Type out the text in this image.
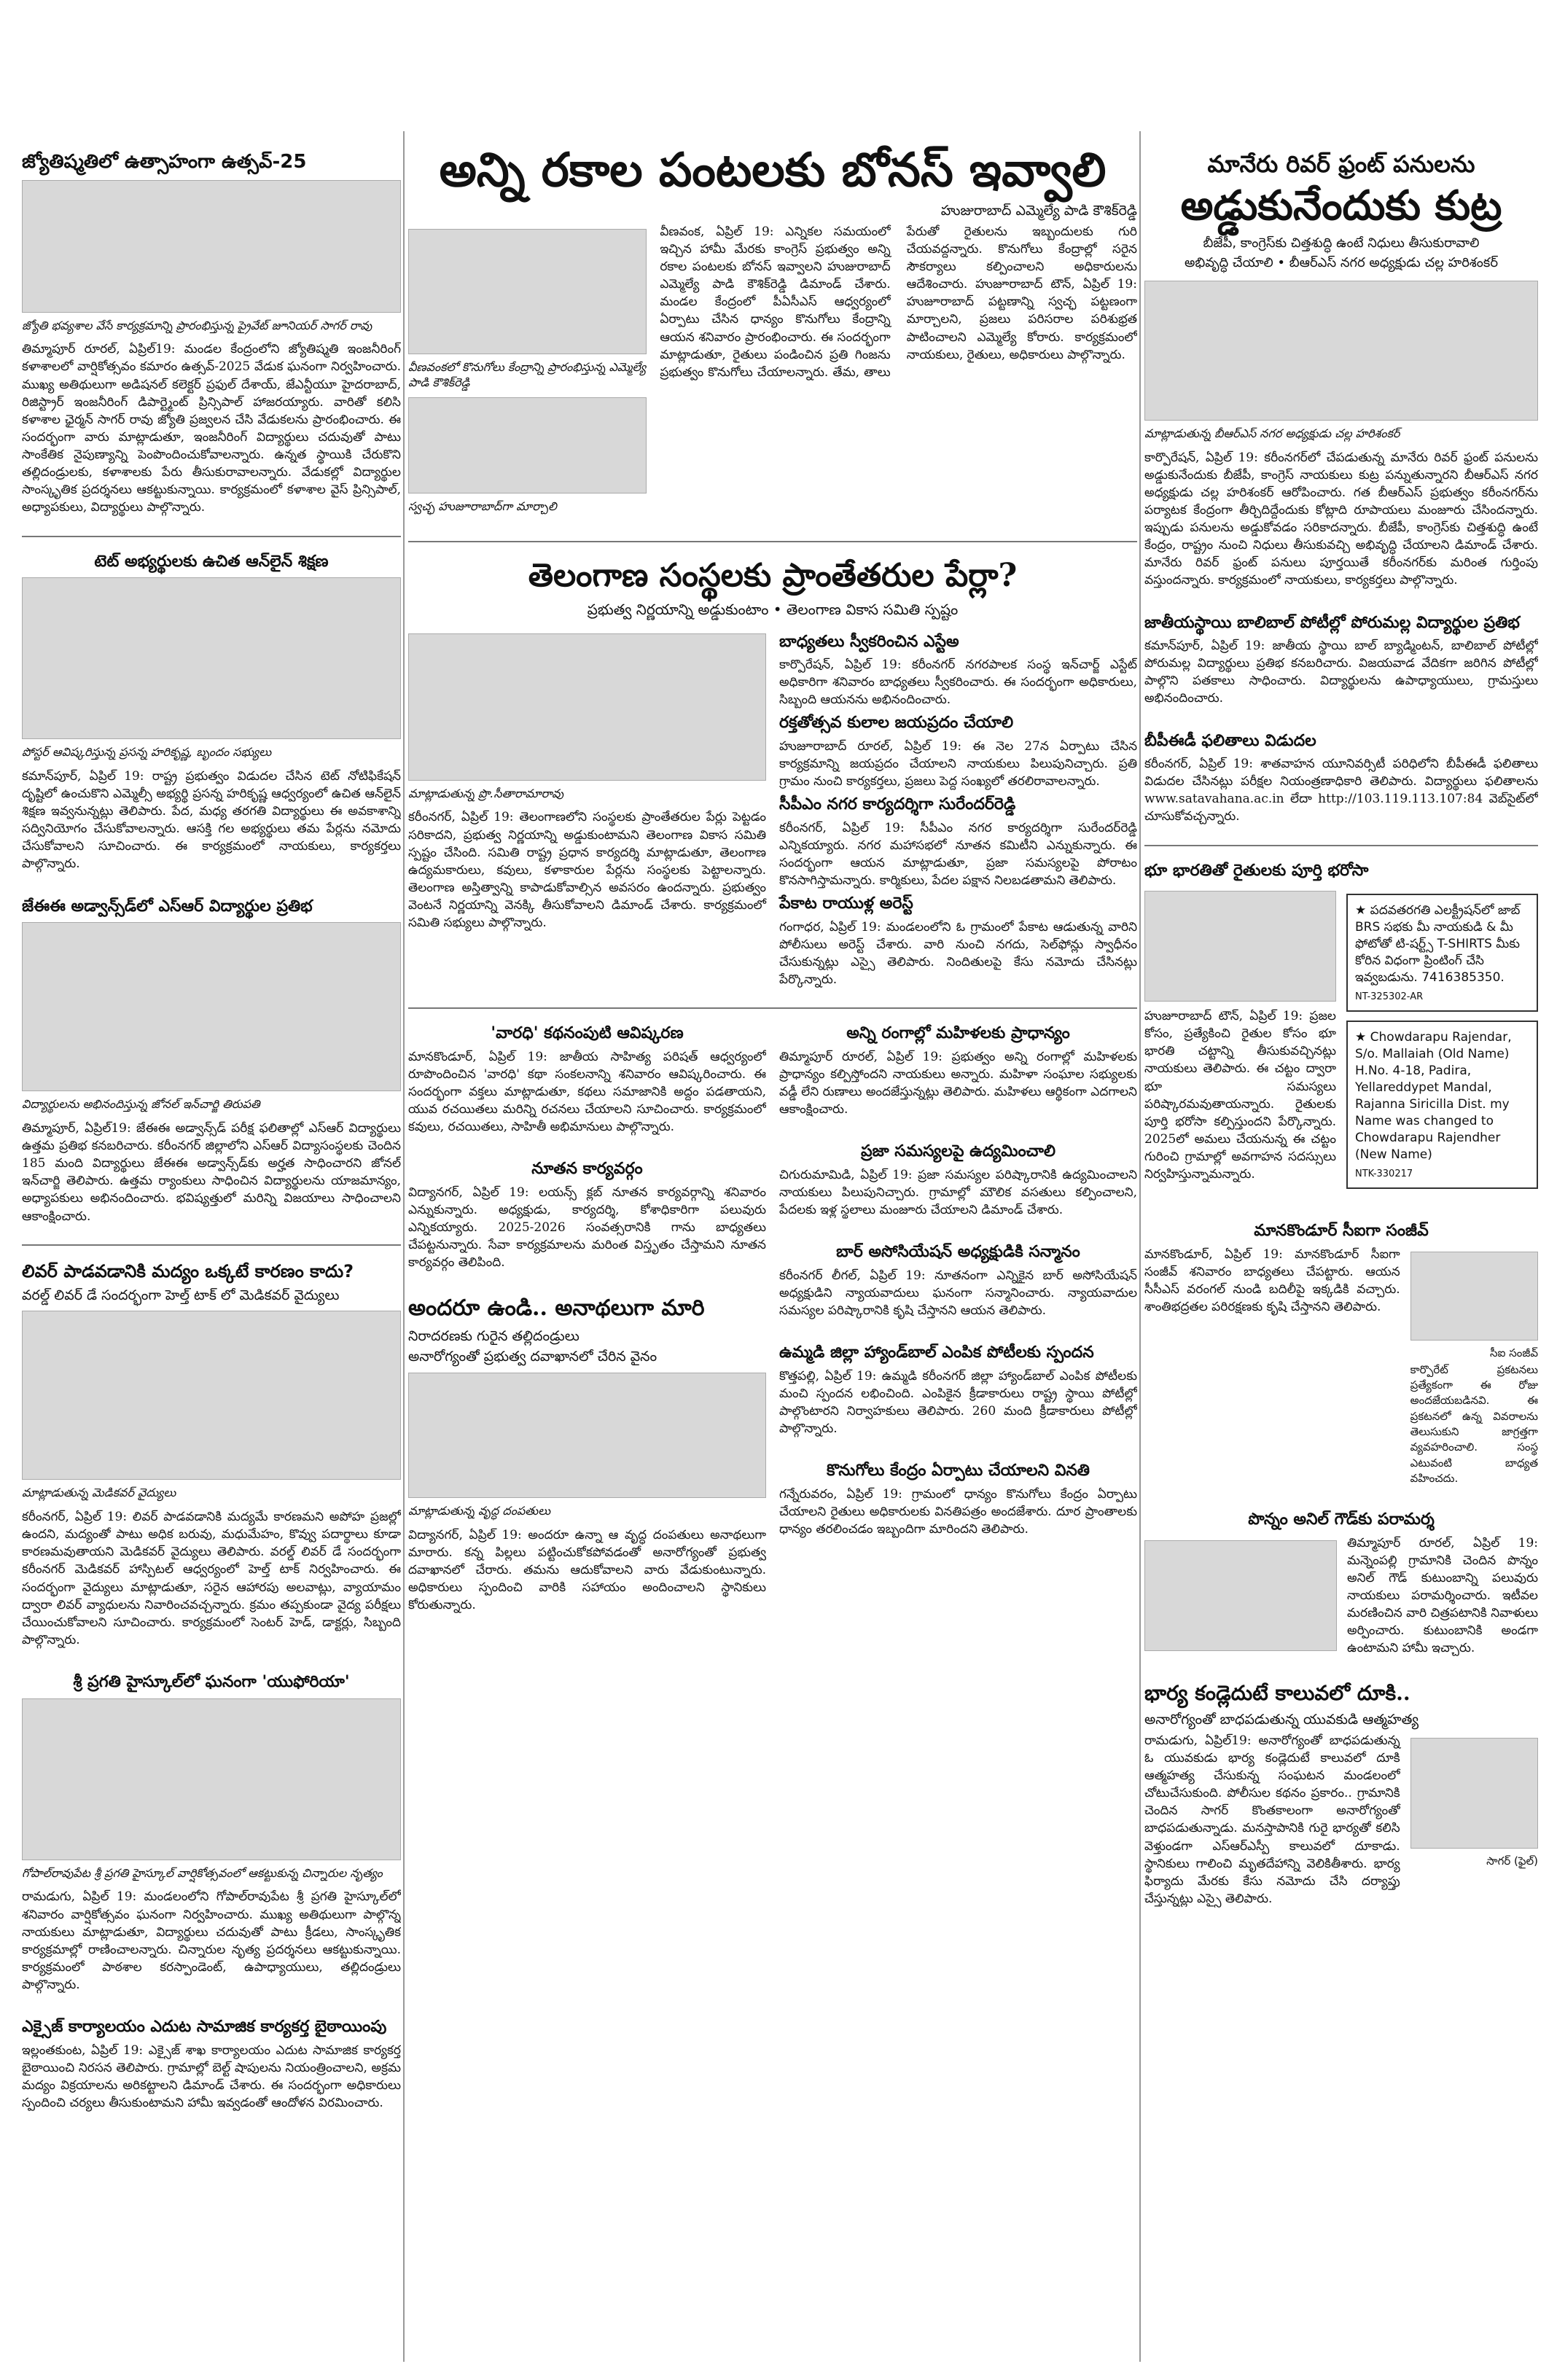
జ్యోతిష్మతిలో ఉత్సాహంగా ఉత్సవ్-25
జ్యోతి భవ్యశాల వేసే కార్యక్రమాన్ని ప్రారంభిస్తున్న ప్రైవేట్ జూనియర్ సాగర్ రావు

తిమ్మాపూర్ రూరల్, ఏప్రిల్19: మండల కేంద్రంలోని జ్యోతిష్మతి ఇంజనీరింగ్ కళాశాలలో వార్షికోత్సవం కమారం ఉత్సవ్-2025 వేడుక ఘనంగా నిర్వహించారు. ముఖ్య అతిథులుగా అడిషనల్ కలెక్టర్ ప్రఫుల్ దేశాయ్, జేఎన్టీయూ హైదరాబాద్, రిజిస్ట్రార్ ఇంజనీరింగ్ డిపార్ట్మెంట్ ప్రిన్సిపాల్ హాజరయ్యారు. వారితో కలిసి కళాశాల ఛైర్మన్ సాగర్ రావు జ్యోతి ప్రజ్వలన చేసి వేడుకలను ప్రారంభించారు. ఈ సందర్భంగా వారు మాట్లాడుతూ, ఇంజనీరింగ్ విద్యార్థులు చదువుతో పాటు సాంకేతిక నైపుణ్యాన్ని పెంపొందించుకోవాలన్నారు. ఉన్నత స్థాయికి చేరుకొని తల్లిదండ్రులకు, కళాశాలకు పేరు తీసుకురావాలన్నారు. వేడుకల్లో విద్యార్థుల సాంస్కృతిక ప్రదర్శనలు ఆకట్టుకున్నాయి. కార్యక్రమంలో కళాశాల వైస్ ప్రిన్సిపాల్, అధ్యాపకులు, విద్యార్థులు పాల్గొన్నారు.

టెట్ అభ్యర్థులకు ఉచిత ఆన్‌లైన్ శిక్షణ
పోస్టర్ ఆవిష్కరిస్తున్న ప్రసన్న హరికృష్ణ, బృందం సభ్యులు

కమాన్‌పూర్, ఏప్రిల్ 19: రాష్ట్ర ప్రభుత్వం విడుదల చేసిన టెట్ నోటిఫికేషన్ దృష్టిలో ఉంచుకొని ఎమ్మెల్సీ అభ్యర్థి ప్రసన్న హరికృష్ణ ఆధ్వర్యంలో ఉచిత ఆన్‌లైన్ శిక్షణ ఇవ్వనున్నట్లు తెలిపారు. పేద, మధ్య తరగతి విద్యార్థులు ఈ అవకాశాన్ని సద్వినియోగం చేసుకోవాలన్నారు. ఆసక్తి గల అభ్యర్థులు తమ పేర్లను నమోదు చేసుకోవాలని సూచించారు. ఈ కార్యక్రమంలో నాయకులు, కార్యకర్తలు పాల్గొన్నారు.

జేఈఈ అడ్వాన్స్‌డ్‌లో ఎస్ఆర్ విద్యార్థుల ప్రతిభ
విద్యార్థులను అభినందిస్తున్న జోనల్ ఇన్‌చార్జి తిరుపతి

తిమ్మాపూర్, ఏప్రిల్19: జేఈఈ అడ్వాన్స్‌డ్ పరీక్ష ఫలితాల్లో ఎస్ఆర్ విద్యార్థులు ఉత్తమ ప్రతిభ కనబరిచారు. కరీంనగర్ జిల్లాలోని ఎస్ఆర్ విద్యాసంస్థలకు చెందిన 185 మంది విద్యార్థులు జేఈఈ అడ్వాన్స్‌డ్‌కు అర్హత సాధించారని జోనల్ ఇన్‌చార్జి తెలిపారు. ఉత్తమ ర్యాంకులు సాధించిన విద్యార్థులను యాజమాన్యం, అధ్యాపకులు అభినందించారు. భవిష్యత్తులో మరిన్ని విజయాలు సాధించాలని ఆకాంక్షించారు.

లివర్ పాడవడానికి మద్యం ఒక్కటే కారణం కాదు?
వరల్డ్ లివర్ డే సందర్భంగా హెల్త్ టాక్ లో మెడికవర్ వైద్యులు
మాట్లాడుతున్న మెడికవర్ వైద్యులు

కరీంనగర్, ఏప్రిల్ 19: లివర్ పాడవడానికి మద్యమే కారణమని అపోహ ప్రజల్లో ఉందని, మద్యంతో పాటు అధిక బరువు, మధుమేహం, కొవ్వు పదార్థాలు కూడా కారణమవుతాయని మెడికవర్ వైద్యులు తెలిపారు. వరల్డ్ లివర్ డే సందర్భంగా కరీంనగర్ మెడికవర్ హాస్పిటల్ ఆధ్వర్యంలో హెల్త్ టాక్ నిర్వహించారు. ఈ సందర్భంగా వైద్యులు మాట్లాడుతూ, సరైన ఆహారపు అలవాట్లు, వ్యాయామం ద్వారా లివర్ వ్యాధులను నివారించవచ్చన్నారు. క్రమం తప్పకుండా వైద్య పరీక్షలు చేయించుకోవాలని సూచించారు. కార్యక్రమంలో సెంటర్ హెడ్, డాక్టర్లు, సిబ్బంది పాల్గొన్నారు.

శ్రీ ప్రగతి హైస్కూల్‌లో ఘనంగా 'యుఫోరియా'
గోపాల్‌రావుపేట శ్రీ ప్రగతి హైస్కూల్ వార్షికోత్సవంలో ఆకట్టుకున్న చిన్నారుల నృత్యం

రామడుగు, ఏప్రిల్ 19: మండలంలోని గోపాల్‌రావుపేట శ్రీ ప్రగతి హైస్కూల్‌లో శనివారం వార్షికోత్సవం ఘనంగా నిర్వహించారు. ముఖ్య అతిథులుగా పాల్గొన్న నాయకులు మాట్లాడుతూ, విద్యార్థులు చదువుతో పాటు క్రీడలు, సాంస్కృతిక కార్యక్రమాల్లో రాణించాలన్నారు. చిన్నారుల నృత్య ప్రదర్శనలు ఆకట్టుకున్నాయి. కార్యక్రమంలో పాఠశాల కరస్పాండెంట్, ఉపాధ్యాయులు, తల్లిదండ్రులు పాల్గొన్నారు.

ఎక్సైజ్ కార్యాలయం ఎదుట సామాజిక కార్యకర్త బైఠాయింపు

ఇల్లంతకుంట, ఏప్రిల్ 19: ఎక్సైజ్ శాఖ కార్యాలయం ఎదుట సామాజిక కార్యకర్త బైఠాయించి నిరసన తెలిపారు. గ్రామాల్లో బెల్ట్ షాపులను నియంత్రించాలని, అక్రమ మద్యం విక్రయాలను అరికట్టాలని డిమాండ్ చేశారు. ఈ సందర్భంగా అధికారులు స్పందించి చర్యలు తీసుకుంటామని హామీ ఇవ్వడంతో ఆందోళన విరమించారు.

అన్ని రకాల పంటలకు బోనస్ ఇవ్వాలి
హుజురాబాద్ ఎమ్మెల్యే పాడి కౌశిక్‌రెడ్డి
వీణవంకలో కొనుగోలు కేంద్రాన్ని ప్రారంభిస్తున్న ఎమ్మెల్యే పాడి కౌశిక్‌రెడ్డి
స్వచ్ఛ హుజూరాబాద్‌గా మార్చాలి

వీణవంక, ఏప్రిల్ 19: ఎన్నికల సమయంలో ఇచ్చిన హామీ మేరకు కాంగ్రెస్ ప్రభుత్వం అన్ని రకాల పంటలకు బోనస్ ఇవ్వాలని హుజురాబాద్ ఎమ్మెల్యే పాడి కౌశిక్‌రెడ్డి డిమాండ్ చేశారు. మండల కేంద్రంలో పీఏసీఎస్ ఆధ్వర్యంలో ఏర్పాటు చేసిన ధాన్యం కొనుగోలు కేంద్రాన్ని ఆయన శనివారం ప్రారంభించారు. ఈ సందర్భంగా మాట్లాడుతూ, రైతులు పండించిన ప్రతి గింజను ప్రభుత్వం కొనుగోలు చేయాలన్నారు. తేమ, తాలు పేరుతో రైతులను ఇబ్బందులకు గురి చేయవద్దన్నారు. కొనుగోలు కేంద్రాల్లో సరైన సౌకర్యాలు కల్పించాలని అధికారులను ఆదేశించారు. హుజూరాబాద్ టౌన్, ఏప్రిల్ 19: హుజూరాబాద్ పట్టణాన్ని స్వచ్ఛ పట్టణంగా మార్చాలని, ప్రజలు పరిసరాల పరిశుభ్రత పాటించాలని ఎమ్మెల్యే కోరారు. కార్యక్రమంలో నాయకులు, రైతులు, అధికారులు పాల్గొన్నారు.

తెలంగాణ సంస్థలకు ప్రాంతేతరుల పేర్లా?
ప్రభుత్వ నిర్ణయాన్ని అడ్డుకుంటాం • తెలంగాణ వికాస సమితి స్పష్టం
మాట్లాడుతున్న ప్రొ.సీతారామారావు

కరీంనగర్, ఏప్రిల్ 19: తెలంగాణలోని సంస్థలకు ప్రాంతేతరుల పేర్లు పెట్టడం సరికాదని, ప్రభుత్వ నిర్ణయాన్ని అడ్డుకుంటామని తెలంగాణ వికాస సమితి స్పష్టం చేసింది. సమితి రాష్ట్ర ప్రధాన కార్యదర్శి మాట్లాడుతూ, తెలంగాణ ఉద్యమకారులు, కవులు, కళాకారుల పేర్లను సంస్థలకు పెట్టాలన్నారు. తెలంగాణ అస్తిత్వాన్ని కాపాడుకోవాల్సిన అవసరం ఉందన్నారు. ప్రభుత్వం వెంటనే నిర్ణయాన్ని వెనక్కి తీసుకోవాలని డిమాండ్ చేశారు. కార్యక్రమంలో సమితి సభ్యులు పాల్గొన్నారు.

బాధ్యతలు స్వీకరించిన ఎస్టేఅ

కార్పొరేషన్, ఏప్రిల్ 19: కరీంనగర్ నగరపాలక సంస్థ ఇన్‌చార్జ్ ఎస్టేట్ అధికారిగా శనివారం బాధ్యతలు స్వీకరించారు. ఈ సందర్భంగా అధికారులు, సిబ్బంది ఆయనను అభినందించారు.

రక్తతోత్సవ కులాల జయప్రదం చేయాలి

హుజూరాబాద్ రూరల్, ఏప్రిల్ 19: ఈ నెల 27న ఏర్పాటు చేసిన కార్యక్రమాన్ని జయప్రదం చేయాలని నాయకులు పిలుపునిచ్చారు. ప్రతి గ్రామం నుంచి కార్యకర్తలు, ప్రజలు పెద్ద సంఖ్యలో తరలిరావాలన్నారు.

సీపీఎం నగర కార్యదర్శిగా సురేందర్‌రెడ్డి

కరీంనగర్, ఏప్రిల్ 19: సీపీఎం నగర కార్యదర్శిగా సురేందర్‌రెడ్డి ఎన్నికయ్యారు. నగర మహాసభలో నూతన కమిటీని ఎన్నుకున్నారు. ఈ సందర్భంగా ఆయన మాట్లాడుతూ, ప్రజా సమస్యలపై పోరాటం కొనసాగిస్తామన్నారు. కార్మికులు, పేదల పక్షాన నిలబడతామని తెలిపారు.

పేకాట రాయుళ్ల అరెస్ట్

గంగాధర, ఏప్రిల్ 19: మండలంలోని ఓ గ్రామంలో పేకాట ఆడుతున్న వారిని పోలీసులు అరెస్ట్ చేశారు. వారి నుంచి నగదు, సెల్‌ఫోన్లు స్వాధీనం చేసుకున్నట్లు ఎస్సై తెలిపారు. నిందితులపై కేసు నమోదు చేసినట్లు పేర్కొన్నారు.

'వారధి' కథనంపుటి ఆవిష్కరణ

మానకొండూర్, ఏప్రిల్ 19: జాతీయ సాహిత్య పరిషత్ ఆధ్వర్యంలో రూపొందించిన 'వారధి' కథా సంకలనాన్ని శనివారం ఆవిష్కరించారు. ఈ సందర్భంగా వక్తలు మాట్లాడుతూ, కథలు సమాజానికి అద్దం పడతాయని, యువ రచయితలు మరిన్ని రచనలు చేయాలని సూచించారు. కార్యక్రమంలో కవులు, రచయితలు, సాహితీ అభిమానులు పాల్గొన్నారు.

నూతన కార్యవర్గం

విద్యానగర్, ఏప్రిల్ 19: లయన్స్ క్లబ్ నూతన కార్యవర్గాన్ని శనివారం ఎన్నుకున్నారు. అధ్యక్షుడు, కార్యదర్శి, కోశాధికారిగా పలువురు ఎన్నికయ్యారు. 2025-2026 సంవత్సరానికి గాను బాధ్యతలు చేపట్టనున్నారు. సేవా కార్యక్రమాలను మరింత విస్తృతం చేస్తామని నూతన కార్యవర్గం తెలిపింది.

అందరూ ఉండి.. అనాథలుగా మారి
నిరాదరణకు గురైన తల్లిదండ్రులు
అనారోగ్యంతో ప్రభుత్వ దవాఖానలో చేరిన వైనం
మాట్లాడుతున్న వృద్ధ దంపతులు

విద్యానగర్, ఏప్రిల్ 19: అందరూ ఉన్నా ఆ వృద్ధ దంపతులు అనాథలుగా మారారు. కన్న పిల్లలు పట్టించుకోకపోవడంతో అనారోగ్యంతో ప్రభుత్వ దవాఖానలో చేరారు. తమను ఆదుకోవాలని వారు వేడుకుంటున్నారు. అధికారులు స్పందించి వారికి సహాయం అందించాలని స్థానికులు కోరుతున్నారు.

అన్ని రంగాల్లో మహిళలకు ప్రాధాన్యం

తిమ్మాపూర్ రూరల్, ఏప్రిల్ 19: ప్రభుత్వం అన్ని రంగాల్లో మహిళలకు ప్రాధాన్యం కల్పిస్తోందని నాయకులు అన్నారు. మహిళా సంఘాల సభ్యులకు వడ్డీ లేని రుణాలు అందజేస్తున్నట్లు తెలిపారు. మహిళలు ఆర్థికంగా ఎదగాలని ఆకాంక్షించారు.

ప్రజా సమస్యలపై ఉద్యమించాలి

చిగురుమామిడి, ఏప్రిల్ 19: ప్రజా సమస్యల పరిష్కారానికి ఉద్యమించాలని నాయకులు పిలుపునిచ్చారు. గ్రామాల్లో మౌలిక వసతులు కల్పించాలని, పేదలకు ఇళ్ల స్థలాలు మంజూరు చేయాలని డిమాండ్ చేశారు.

బార్ అసోసియేషన్ అధ్యక్షుడికి సన్మానం

కరీంనగర్ లీగల్, ఏప్రిల్ 19: నూతనంగా ఎన్నికైన బార్ అసోసియేషన్ అధ్యక్షుడిని న్యాయవాదులు ఘనంగా సన్మానించారు. న్యాయవాదుల సమస్యల పరిష్కారానికి కృషి చేస్తానని ఆయన తెలిపారు.

ఉమ్మడి జిల్లా హ్యాండ్‌బాల్ ఎంపిక పోటీలకు స్పందన

కొత్తపల్లి, ఏప్రిల్ 19: ఉమ్మడి కరీంనగర్ జిల్లా హ్యాండ్‌బాల్ ఎంపిక పోటీలకు మంచి స్పందన లభించింది. ఎంపికైన క్రీడాకారులు రాష్ట్ర స్థాయి పోటీల్లో పాల్గొంటారని నిర్వాహకులు తెలిపారు. 260 మంది క్రీడాకారులు పోటీల్లో పాల్గొన్నారు.

కొనుగోలు కేంద్రం ఏర్పాటు చేయాలని వినతి

గన్నేరువరం, ఏప్రిల్ 19: గ్రామంలో ధాన్యం కొనుగోలు కేంద్రం ఏర్పాటు చేయాలని రైతులు అధికారులకు వినతిపత్రం అందజేశారు. దూర ప్రాంతాలకు ధాన్యం తరలించడం ఇబ్బందిగా మారిందని తెలిపారు.

మానేరు రివర్ ఫ్రంట్ పనులను
అడ్డుకునేందుకు కుట్ర
బీజేపీ, కాంగ్రెస్‌కు చిత్తశుద్ధి ఉంటే నిధులు తీసుకురావాలి
అభివృద్ధి చేయాలి • బీఆర్ఎస్ నగర అధ్యక్షుడు చల్ల హరిశంకర్
మాట్లాడుతున్న బీఆర్ఎస్ నగర అధ్యక్షుడు చల్ల హరిశంకర్

కార్పొరేషన్, ఏప్రిల్ 19: కరీంనగర్‌లో చేపడుతున్న మానేరు రివర్ ఫ్రంట్ పనులను అడ్డుకునేందుకు బీజేపీ, కాంగ్రెస్ నాయకులు కుట్ర పన్నుతున్నారని బీఆర్ఎస్ నగర అధ్యక్షుడు చల్ల హరిశంకర్ ఆరోపించారు. గత బీఆర్ఎస్ ప్రభుత్వం కరీంనగర్‌ను పర్యాటక కేంద్రంగా తీర్చిదిద్దేందుకు కోట్లాది రూపాయలు మంజూరు చేసిందన్నారు. ఇప్పుడు పనులను అడ్డుకోవడం సరికాదన్నారు. బీజేపీ, కాంగ్రెస్‌కు చిత్తశుద్ధి ఉంటే కేంద్రం, రాష్ట్రం నుంచి నిధులు తీసుకువచ్చి అభివృద్ధి చేయాలని డిమాండ్ చేశారు. మానేరు రివర్ ఫ్రంట్ పనులు పూర్తయితే కరీంనగర్‌కు మరింత గుర్తింపు వస్తుందన్నారు. కార్యక్రమంలో నాయకులు, కార్యకర్తలు పాల్గొన్నారు.

జాతీయస్థాయి బాలిబాల్ పోటీల్లో పోరుమల్ల విద్యార్థుల ప్రతిభ

కమాన్‌పూర్, ఏప్రిల్ 19: జాతీయ స్థాయి బాల్ బ్యాడ్మింటన్, బాలిబాల్ పోటీల్లో పోరుమల్ల విద్యార్థులు ప్రతిభ కనబరిచారు. విజయవాడ వేదికగా జరిగిన పోటీల్లో పాల్గొని పతకాలు సాధించారు. విద్యార్థులను ఉపాధ్యాయులు, గ్రామస్తులు అభినందించారు.

బీపీఈడీ ఫలితాలు విడుదల

కరీంనగర్, ఏప్రిల్ 19: శాతవాహన యూనివర్సిటీ పరిధిలోని బీపీఈడీ ఫలితాలు విడుదల చేసినట్లు పరీక్షల నియంత్రణాధికారి తెలిపారు. విద్యార్థులు ఫలితాలను www.satavahana.ac.in లేదా http://103.119.113.107:84 వెబ్‌సైట్‌లో చూసుకోవచ్చన్నారు.

భూ భారతితో రైతులకు పూర్తి భరోసా

హుజూరాబాద్ టౌన్, ఏప్రిల్ 19: ప్రజల కోసం, ప్రత్యేకించి రైతుల కోసం భూ భారతి చట్టాన్ని తీసుకువచ్చినట్లు నాయకులు తెలిపారు. ఈ చట్టం ద్వారా భూ సమస్యలు పరిష్కారమవుతాయన్నారు. రైతులకు పూర్తి భరోసా కల్పిస్తుందని పేర్కొన్నారు. 2025లో అమలు చేయనున్న ఈ చట్టం గురించి గ్రామాల్లో అవగాహన సదస్సులు నిర్వహిస్తున్నామన్నారు.

★ పదవతరగతి ఎలక్ట్రీషన్‌లో జాబ్ BRS సభకు మీ నాయకుడి & మీ ఫోటోతో టి-షర్ట్స్ T-SHIRTS మీకు కోరిన విధంగా ప్రింటింగ్ చేసి ఇవ్వబడును. 7416385350.
NT-325302-AR
★ Chowdarapu Rajendar, S/o. Mallaiah (Old Name) H.No. 4-18, Padira, Yellareddypet Mandal, Rajanna Siricilla Dist. my Name was changed to Chowdarapu Rajendher (New Name)
NTK-330217
మానకొండూర్ సీఐగా సంజీవ్

మానకొండూర్, ఏప్రిల్ 19: మానకొండూర్ సీఐగా సంజీవ్ శనివారం బాధ్యతలు చేపట్టారు. ఆయన సీసీఎస్ వరంగల్ నుండి బదిలీపై ఇక్కడికి వచ్చారు. శాంతిభద్రతల పరిరక్షణకు కృషి చేస్తానని తెలిపారు.

సీఐ సంజీవ్

కార్పొరేట్ ప్రకటనలు ప్రత్యేకంగా ఈ రోజు అందజేయబడినవి. ఈ ప్రకటనలో ఉన్న వివరాలను తెలుసుకుని జాగ్రత్తగా వ్యవహరించాలి. సంస్థ ఎటువంటి బాధ్యత వహించదు.

పొన్నం అనిల్ గౌడ్‌కు పరామర్శ

తిమ్మాపూర్ రూరల్, ఏప్రిల్ 19: మన్నెంపల్లి గ్రామానికి చెందిన పొన్నం అనిల్ గౌడ్ కుటుంబాన్ని పలువురు నాయకులు పరామర్శించారు. ఇటీవల మరణించిన వారి చిత్రపటానికి నివాళులు అర్పించారు. కుటుంబానికి అండగా ఉంటామని హామీ ఇచ్చారు.

భార్య కండ్లెదుటే కాలువలో దూకి..
అనారోగ్యంతో బాధపడుతున్న యువకుడి ఆత్మహత్య

రామడుగు, ఏప్రిల్19: అనారోగ్యంతో బాధపడుతున్న ఓ యువకుడు భార్య కండ్లెదుటే కాలువలో దూకి ఆత్మహత్య చేసుకున్న సంఘటన మండలంలో చోటుచేసుకుంది. పోలీసుల కథనం ప్రకారం.. గ్రామానికి చెందిన సాగర్ కొంతకాలంగా అనారోగ్యంతో బాధపడుతున్నాడు. మనస్తాపానికి గురై భార్యతో కలిసి వెళ్తుండగా ఎస్ఆర్ఎస్పీ కాలువలో దూకాడు. స్థానికులు గాలించి మృతదేహాన్ని వెలికితీశారు. భార్య ఫిర్యాదు మేరకు కేసు నమోదు చేసి దర్యాప్తు చేస్తున్నట్లు ఎస్సై తెలిపారు.

సాగర్ (ఫైల్)
